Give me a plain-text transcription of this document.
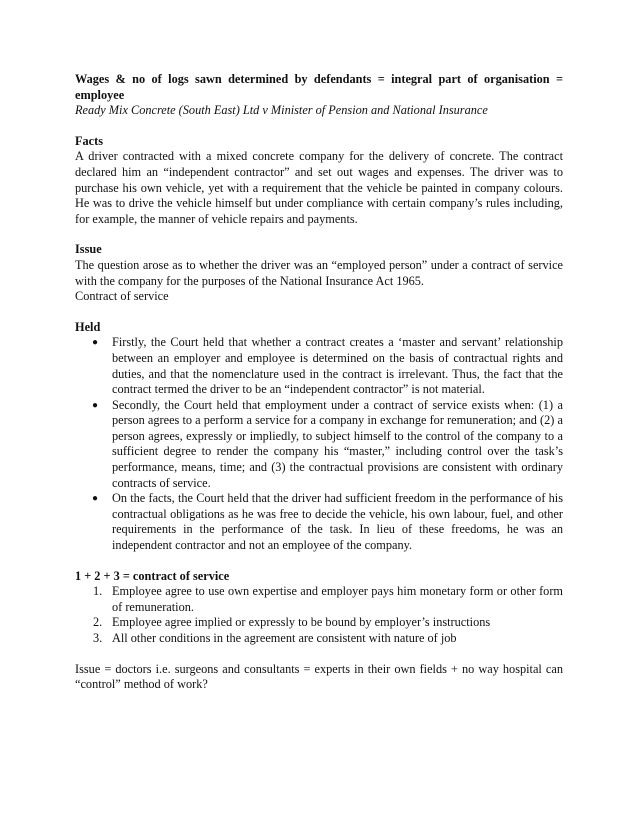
Wages & no of logs sawn determined by defendants = integral part of organisation = employee

Ready Mix Concrete (South East) Ltd v Minister of Pension and National Insurance

Facts

A driver contracted with a mixed concrete company for the delivery of concrete. The contract declared him an “independent contractor” and set out wages and expenses. The driver was to purchase his own vehicle, yet with a requirement that the vehicle be painted in company colours. He was to drive the vehicle himself but under compliance with certain company’s rules including, for example, the manner of vehicle repairs and payments.

Issue

The question arose as to whether the driver was an “employed person” under a contract of service with the company for the purposes of the National Insurance Act 1965.

Contract of service

Held

● Firstly, the Court held that whether a contract creates a ‘master and servant’ relationship between an employer and employee is determined on the basis of contractual rights and duties, and that the nomenclature used in the contract is irrelevant. Thus, the fact that the contract termed the driver to be an “independent contractor” is not material.
● Secondly, the Court held that employment under a contract of service exists when: (1) a person agrees to a perform a service for a company in exchange for remuneration; and (2) a person agrees, expressly or impliedly, to subject himself to the control of the company to a sufficient degree to render the company his “master,” including control over the task’s performance, means, time; and (3) the contractual provisions are consistent with ordinary contracts of service.
● On the facts, the Court held that the driver had sufficient freedom in the performance of his contractual obligations as he was free to decide the vehicle, his own labour, fuel, and other requirements in the performance of the task. In lieu of these freedoms, he was an independent contractor and not an employee of the company.

1 + 2 + 3 = contract of service

1. Employee agree to use own expertise and employer pays him monetary form or other form of remuneration.
2. Employee agree implied or expressly to be bound by employer’s instructions
3. All other conditions in the agreement are consistent with nature of job

Issue = doctors i.e. surgeons and consultants = experts in their own fields + no way hospital can “control” method of work?
